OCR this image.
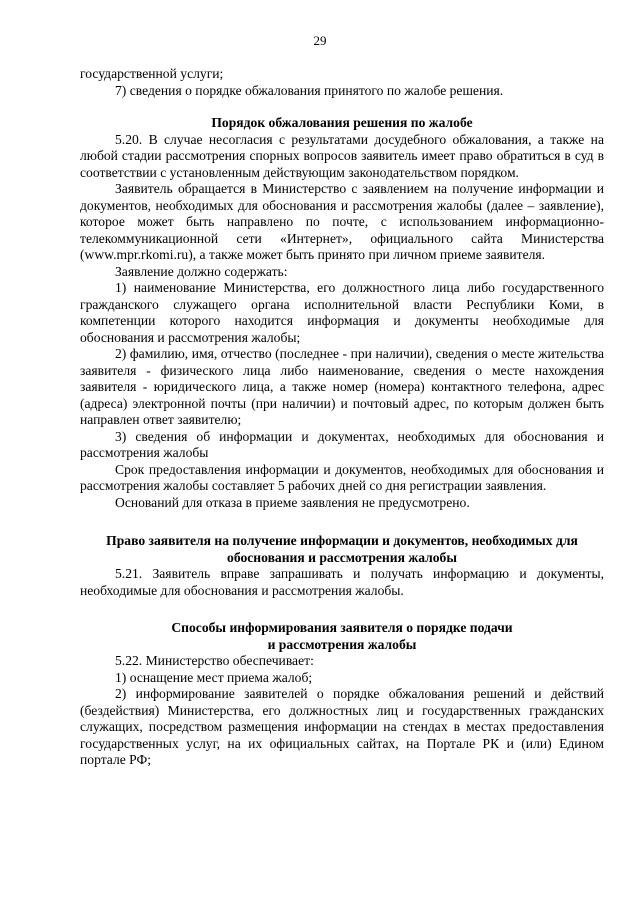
29

государственной услуги;

7) сведения о порядке обжалования принятого по жалобе решения.

Порядок обжалования решения по жалобе

5.20. В случае несогласия с результатами досудебного обжалования, а также на любой стадии рассмотрения спорных вопросов заявитель имеет право обратиться в суд в соответствии с установленным действующим законодательством порядком.

Заявитель обращается в Министерство с заявлением на получение информации и документов, необходимых для обоснования и рассмотрения жалобы (далее – заявление), которое может быть направлено по почте, с использованием информационно-телекоммуникационной сети «Интернет», официального сайта Министерства (www.mpr.rkomi.ru), а также может быть принято при личном приеме заявителя.

Заявление должно содержать:

1) наименование Министерства, его должностного лица либо государственного гражданского служащего органа исполнительной власти Республики Коми, в компетенции которого находится информация и документы необходимые для обоснования и рассмотрения жалобы;

2) фамилию, имя, отчество (последнее - при наличии), сведения о месте жительства заявителя - физического лица либо наименование, сведения о месте нахождения заявителя - юридического лица, а также номер (номера) контактного телефона, адрес (адреса) электронной почты (при наличии) и почтовый адрес, по которым должен быть направлен ответ заявителю;

3) сведения об информации и документах, необходимых для обоснования и рассмотрения жалобы

Срок предоставления информации и документов, необходимых для обоснования и рассмотрения жалобы составляет 5 рабочих дней со дня регистрации заявления.

Оснований для отказа в приеме заявления не предусмотрено.

Право заявителя на получение информации и документов, необходимых для
обоснования и рассмотрения жалобы

5.21. Заявитель вправе запрашивать и получать информацию и документы, необходимые для обоснования и рассмотрения жалобы.

Способы информирования заявителя о порядке подачи
и рассмотрения жалобы

5.22. Министерство обеспечивает:

1) оснащение мест приема жалоб;

2) информирование заявителей о порядке обжалования решений и действий (бездействия) Министерства, его должностных лиц и государственных гражданских служащих, посредством размещения информации на стендах в местах предоставления государственных услуг, на их официальных сайтах, на Портале РК и (или) Едином портале РФ;
